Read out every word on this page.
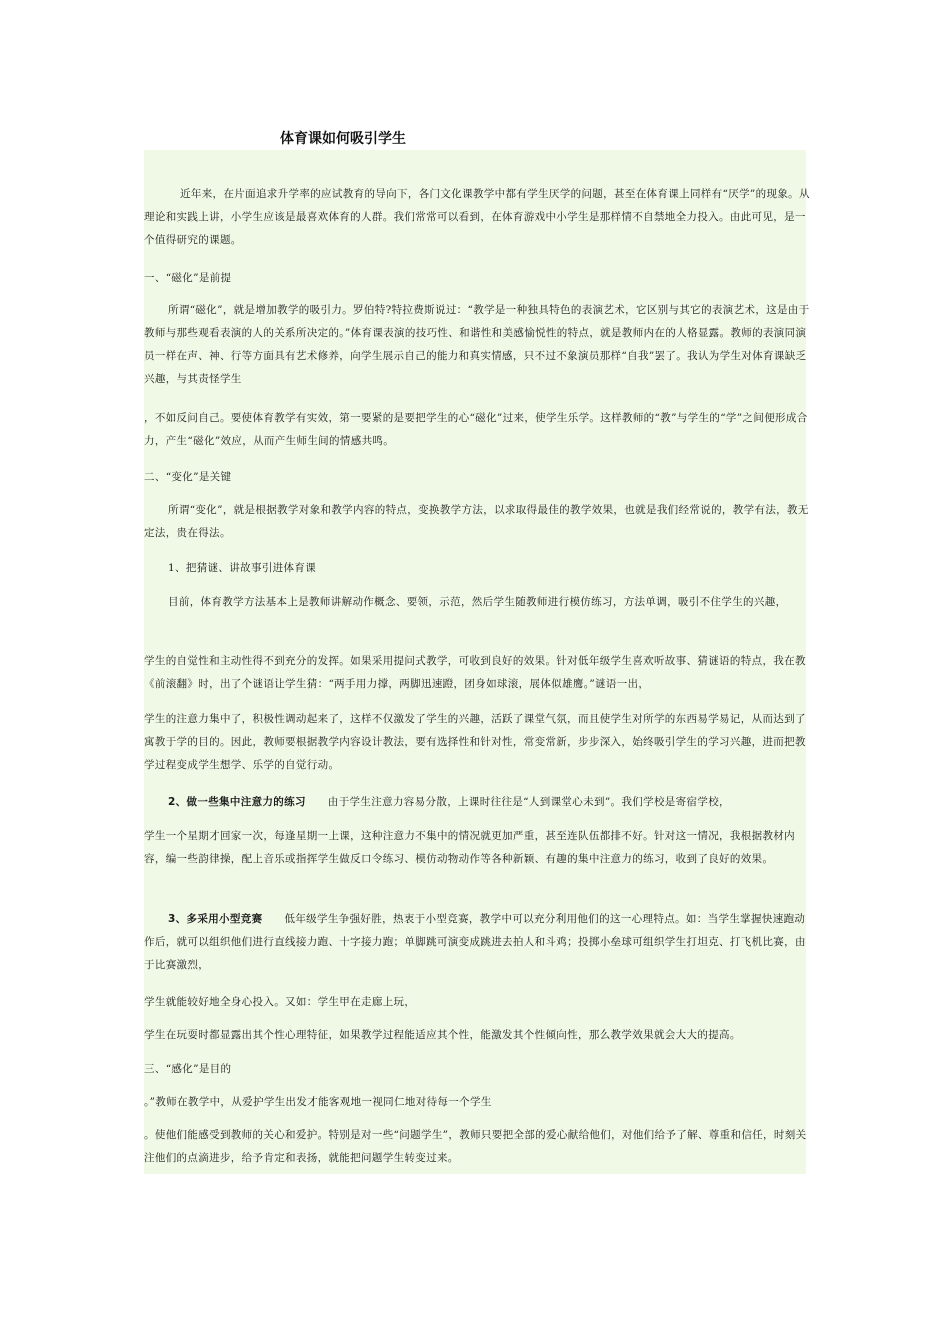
体育课如何吸引学生

近年来，在片面追求升学率的应试教育的导向下，各门文化课教学中都有学生厌学的问题，甚至在体育课上同样有“厌学”的现象。从理论和实践上讲，小学生应该是最喜欢体育的人群。我们常常可以看到，在体育游戏中小学生是那样情不自禁地全力投入。由此可见，是一个值得研究的课题。

一、“磁化”是前提

所谓“磁化”，就是增加教学的吸引力。罗伯特?特拉费斯说过：“教学是一种独具特色的表演艺术，它区别与其它的表演艺术，这是由于教师与那些观看表演的人的关系所决定的。”体育课表演的技巧性、和谐性和美感愉悦性的特点，就是教师内在的人格显露。教师的表演同演员一样在声、神、行等方面具有艺术修养，向学生展示自己的能力和真实情感，只不过不象演员那样“自我”罢了。我认为学生对体育课缺乏兴趣，与其责怪学生

，不如反问自己。要使体育教学有实效，第一要紧的是要把学生的心“磁化”过来，使学生乐学。这样教师的“教”与学生的“学”之间便形成合力，产生“磁化”效应，从而产生师生间的情感共鸣。

二、“变化”是关键

所谓“变化”，就是根据教学对象和教学内容的特点，变换教学方法，以求取得最佳的教学效果，也就是我们经常说的，教学有法，教无定法，贵在得法。

1、把猜谜、讲故事引进体育课

目前，体育教学方法基本上是教师讲解动作概念、要领，示范，然后学生随教师进行模仿练习，方法单调，吸引不住学生的兴趣，

学生的自觉性和主动性得不到充分的发挥。如果采用提问式教学，可收到良好的效果。针对低年级学生喜欢听故事、猜谜语的特点，我在教《前滚翻》时，出了个谜语让学生猜：“两手用力撑，两脚迅速蹬，团身如球滚，展体似雄鹰。”谜语一出，

学生的注意力集中了，积极性调动起来了，这样不仅激发了学生的兴趣，活跃了课堂气氛，而且使学生对所学的东西易学易记，从而达到了寓教于学的目的。因此，教师要根据教学内容设计教法，要有选择性和针对性，常变常新，步步深入，始终吸引学生的学习兴趣，进而把教学过程变成学生想学、乐学的自觉行动。

2、做一些集中注意力的练习 由于学生注意力容易分散，上课时往往是“人到课堂心未到”。我们学校是寄宿学校，

学生一个星期才回家一次，每逢星期一上课，这种注意力不集中的情况就更加严重，甚至连队伍都排不好。针对这一情况，我根据教材内容，编一些韵律操，配上音乐或指挥学生做反口令练习、模仿动物动作等各种新颖、有趣的集中注意力的练习，收到了良好的效果。

3、多采用小型竞赛 低年级学生争强好胜，热衷于小型竞赛，教学中可以充分利用他们的这一心理特点。如：当学生掌握快速跑动作后，就可以组织他们进行直线接力跑、十字接力跑；单脚跳可演变成跳进去拍人和斗鸡；投掷小垒球可组织学生打坦克、打飞机比赛，由于比赛激烈，

学生就能较好地全身心投入。又如：学生甲在走廊上玩，

学生在玩耍时都显露出其个性心理特征，如果教学过程能适应其个性，能激发其个性倾向性，那么教学效果就会大大的提高。

三、“感化”是目的

。”教师在教学中，从爱护学生出发才能客观地一视同仁地对待每一个学生

。使他们能感受到教师的关心和爱护。特别是对一些“问题学生”，教师只要把全部的爱心献给他们，对他们给予了解、尊重和信任，时刻关注他们的点滴进步，给予肯定和表扬，就能把问题学生转变过来。
